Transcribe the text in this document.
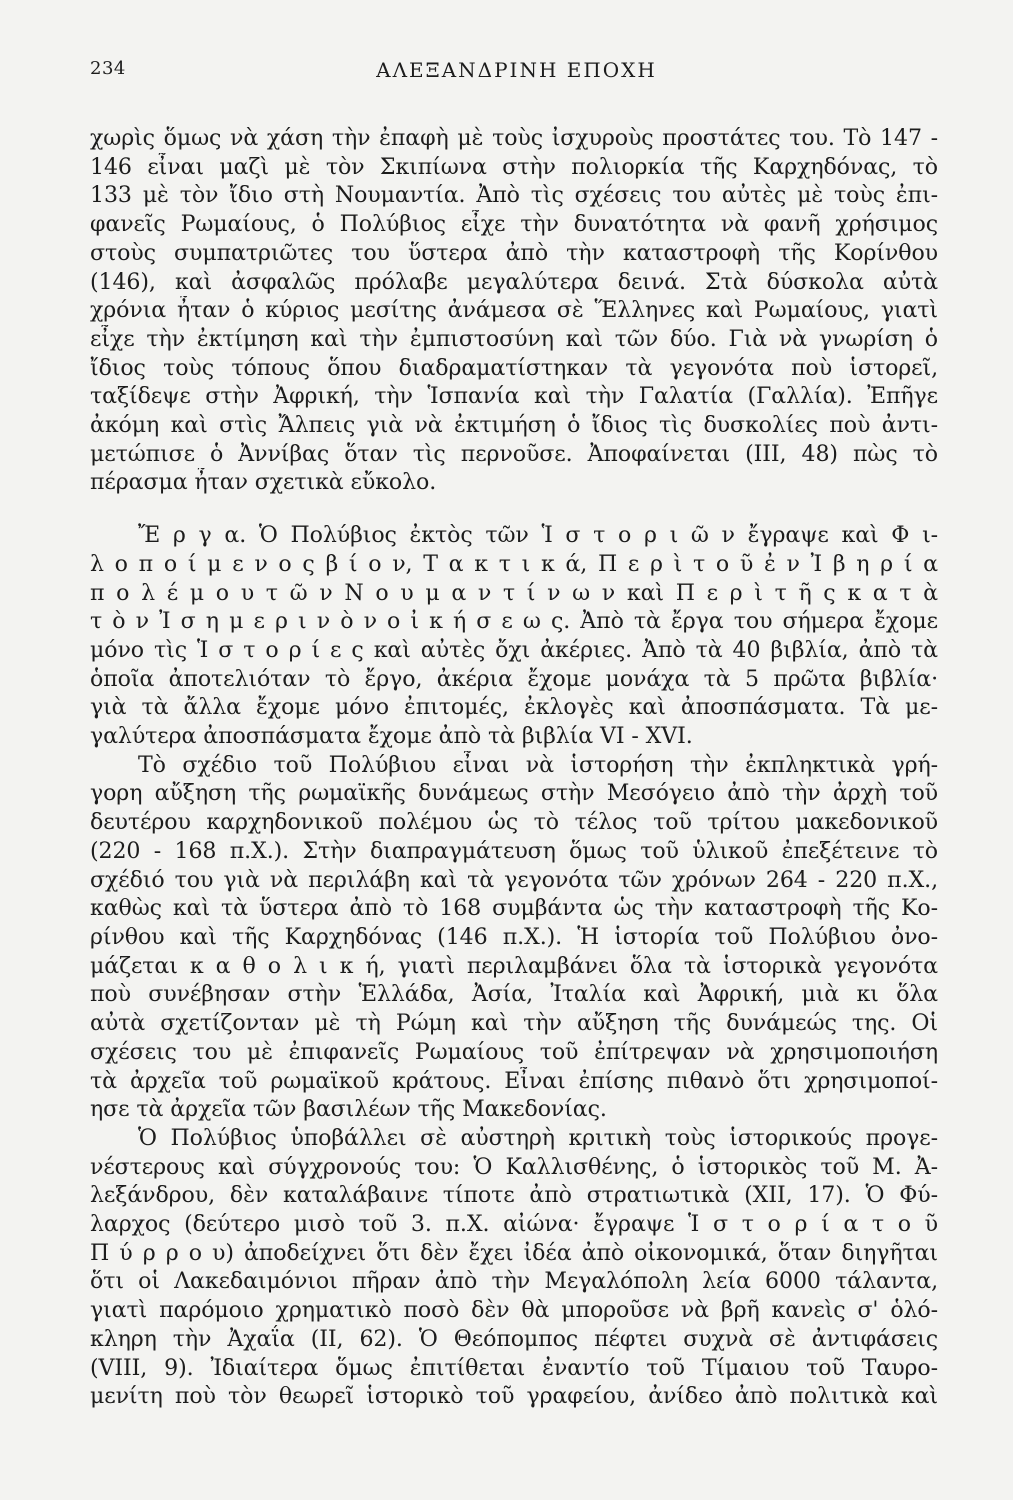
234	ΑΛΕΞΑΝΔΡΙΝΗ ΕΠΟΧΗ
χωρὶς ὅμως νὰ χάση τὴν ἐπαφὴ μὲ τοὺς ἰσχυροὺς προστάτες του. Τὸ 147 -
146 εἶναι μαζὶ μὲ τὸν Σκιπίωνα στὴν πολιορκία τῆς Καρχηδόνας, τὸ
133 μὲ τὸν ἴδιο στὴ Νουμαντία. Ἀπὸ τὶς σχέσεις του αὐτὲς μὲ τοὺς ἐπι-
φανεῖς Ρωμαίους, ὁ Πολύβιος εἶχε τὴν δυνατότητα νὰ φανῆ χρήσιμος
στοὺς συμπατριῶτες του ὕστερα ἀπὸ τὴν καταστροφὴ τῆς Κορίνθου
(146), καὶ ἀσφαλῶς πρόλαβε μεγαλύτερα δεινά. Στὰ δύσκολα αὐτὰ
χρόνια ἦταν ὁ κύριος μεσίτης ἀνάμεσα σὲ Ἕλληνες καὶ Ρωμαίους, γιατὶ
εἶχε τὴν ἐκτίμηση καὶ τὴν ἐμπιστοσύνη καὶ τῶν δύο. Γιὰ νὰ γνωρίση ὁ
ἴδιος τοὺς τόπους ὅπου διαδραματίστηκαν τὰ γεγονότα ποὺ ἱστορεῖ,
ταξίδεψε στὴν Ἀφρική, τὴν Ἱσπανία καὶ τὴν Γαλατία (Γαλλία). Ἐπῆγε
ἀκόμη καὶ στὶς Ἄλπεις γιὰ νὰ ἐκτιμήση ὁ ἴδιος τὶς δυσκολίες ποὺ ἀντι-
μετώπισε ὁ Ἀννίβας ὅταν τὶς περνοῦσε. Ἀποφαίνεται (III, 48) πὼς τὸ
πέρασμα ἦταν σχετικὰ εὔκολο.
Ἔ ρ γ α. Ὁ Πολύβιος ἐκτὸς τῶν Ἱ σ τ ο ρ ι ῶ ν ἔγραψε καὶ Φ ι-
λ ο π ο ί μ ε ν ο ς β ί ο ν, Τ α κ τ ι κ ά, Π ε ρ ὶ τ ο ῦ ἐ ν Ἰ β η ρ ί α
π ο λ έ μ ο υ τ ῶ ν Ν ο υ μ α ν τ ί ν ω ν καὶ Π ε ρ ὶ τ ῆ ς κ α τ ὰ
τ ὸ ν Ἰ σ η μ ε ρ ι ν ὸ ν ο ἰ κ ή σ ε ω ς. Ἀπὸ τὰ ἔργα του σήμερα ἔχομε
μόνο τὶς Ἱ σ τ ο ρ ί ε ς καὶ αὐτὲς ὄχι ἀκέριες. Ἀπὸ τὰ 40 βιβλία, ἀπὸ τὰ
ὁποῖα ἀποτελιόταν τὸ ἔργο, ἀκέρια ἔχομε μονάχα τὰ 5 πρῶτα βιβλία·
γιὰ τὰ ἄλλα ἔχομε μόνο ἐπιτομές, ἐκλογὲς καὶ ἀποσπάσματα. Τὰ με-
γαλύτερα ἀποσπάσματα ἔχομε ἀπὸ τὰ βιβλία VI - XVI.
Τὸ σχέδιο τοῦ Πολύβιου εἶναι νὰ ἱστορήση τὴν ἐκπληκτικὰ γρή-
γορη αὔξηση τῆς ρωμαϊκῆς δυνάμεως στὴν Μεσόγειο ἀπὸ τὴν ἀρχὴ τοῦ
δευτέρου καρχηδονικοῦ πολέμου ὡς τὸ τέλος τοῦ τρίτου μακεδονικοῦ
(220 - 168 π.Χ.). Στὴν διαπραγμάτευση ὅμως τοῦ ὑλικοῦ ἐπεξέτεινε τὸ
σχέδιό του γιὰ νὰ περιλάβη καὶ τὰ γεγονότα τῶν χρόνων 264 - 220 π.Χ.,
καθὼς καὶ τὰ ὕστερα ἀπὸ τὸ 168 συμβάντα ὡς τὴν καταστροφὴ τῆς Κο-
ρίνθου καὶ τῆς Καρχηδόνας (146 π.Χ.). Ἡ ἱστορία τοῦ Πολύβιου ὀνο-
μάζεται κ α θ ο λ ι κ ή, γιατὶ περιλαμβάνει ὅλα τὰ ἱστορικὰ γεγονότα
ποὺ συνέβησαν στὴν Ἑλλάδα, Ἀσία, Ἰταλία καὶ Ἀφρική, μιὰ κι ὅλα
αὐτὰ σχετίζονταν μὲ τὴ Ρώμη καὶ τὴν αὔξηση τῆς δυνάμεώς της. Οἱ
σχέσεις του μὲ ἐπιφανεῖς Ρωμαίους τοῦ ἐπίτρεψαν νὰ χρησιμοποιήση
τὰ ἀρχεῖα τοῦ ρωμαϊκοῦ κράτους. Εἶναι ἐπίσης πιθανὸ ὅτι χρησιμοποί-
ησε τὰ ἀρχεῖα τῶν βασιλέων τῆς Μακεδονίας.
Ὁ Πολύβιος ὑποβάλλει σὲ αὐστηρὴ κριτικὴ τοὺς ἱστορικούς προγε-
νέστερους καὶ σύγχρονούς του: Ὁ Καλλισθένης, ὁ ἱστορικὸς τοῦ Μ. Ἀ-
λεξάνδρου, δὲν καταλάβαινε τίποτε ἀπὸ στρατιωτικὰ (XII, 17). Ὁ Φύ-
λαρχος (δεύτερο μισὸ τοῦ 3. π.Χ. αἰώνα· ἔγραψε Ἱ σ τ ο ρ ί α τ ο ῦ
Π ύ ρ ρ ο υ) ἀποδείχνει ὅτι δὲν ἔχει ἰδέα ἀπὸ οἰκονομικά, ὅταν διηγῆται
ὅτι οἱ Λακεδαιμόνιοι πῆραν ἀπὸ τὴν Μεγαλόπολη λεία 6000 τάλαντα,
γιατὶ παρόμοιο χρηματικὸ ποσὸ δὲν θὰ μποροῦσε νὰ βρῆ κανεὶς σ' ὁλό-
κληρη τὴν Ἀχαΐα (II, 62). Ὁ Θεόπομπος πέφτει συχνὰ σὲ ἀντιφάσεις
(VIII, 9). Ἰδιαίτερα ὅμως ἐπιτίθεται ἐναντίο τοῦ Τίμαιου τοῦ Ταυρο-
μενίτη ποὺ τὸν θεωρεῖ ἱστορικὸ τοῦ γραφείου, ἀνίδεο ἀπὸ πολιτικὰ καὶ
